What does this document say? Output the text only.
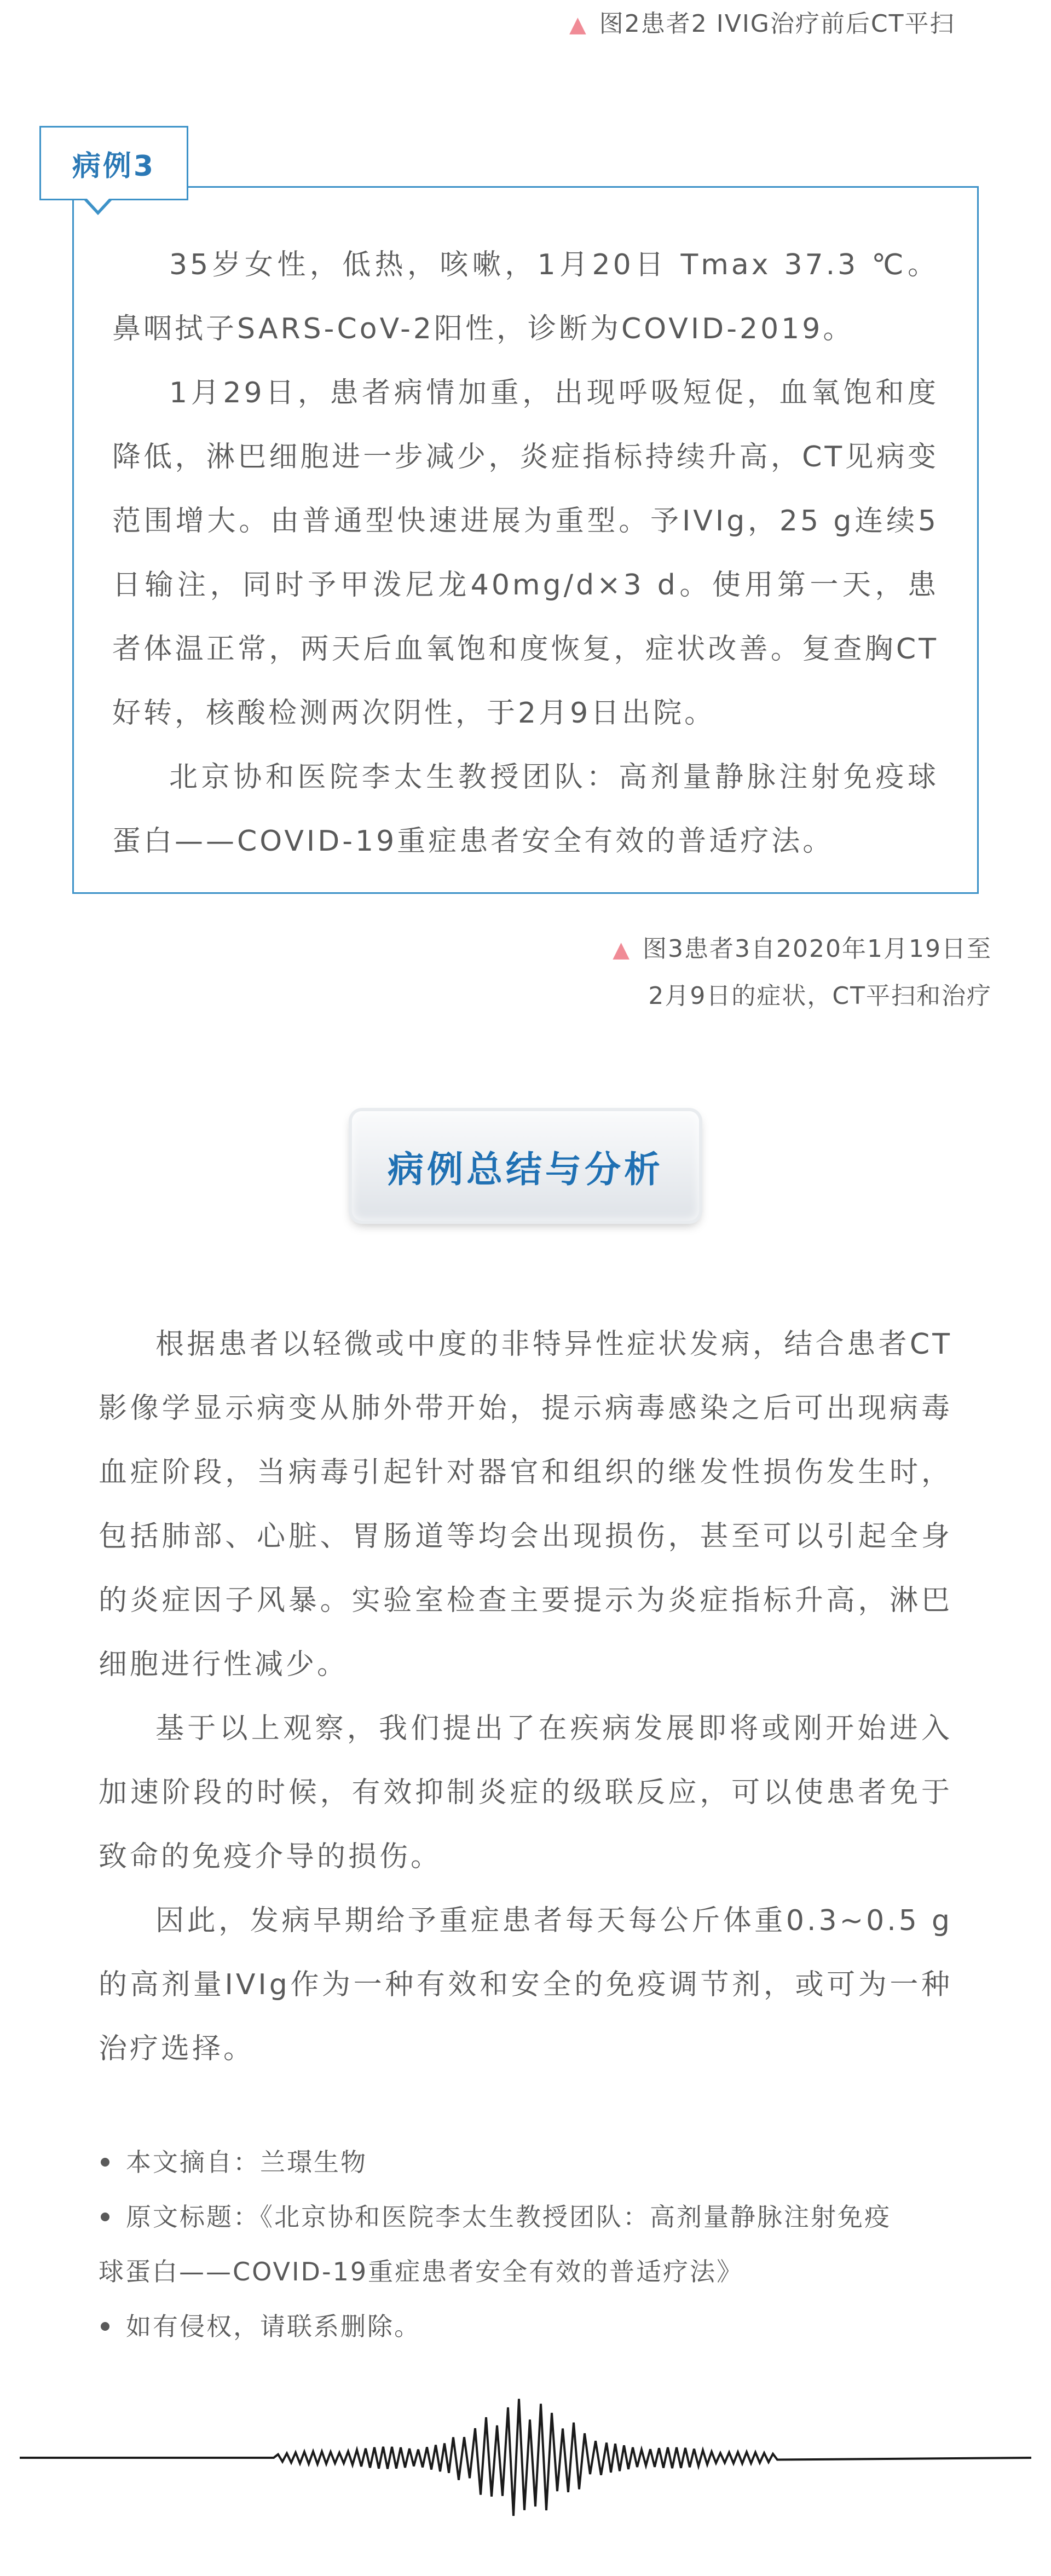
▲ 图2患者2 IVIG治疗前后CT平扫
病例3

35岁女性，低热，咳嗽，1月20日 Tmax 37.3 ℃。鼻咽拭子SARS-CoV-2阳性，诊断为COVID-2019。

1月29日，患者病情加重，出现呼吸短促，血氧饱和度降低，淋巴细胞进一步减少，炎症指标持续升高，CT见病变范围增大。由普通型快速进展为重型。予IVIg，25 g连续5日输注，同时予甲泼尼龙40mg/d×3 d。使用第一天，患者体温正常，两天后血氧饱和度恢复，症状改善。复查胸CT好转，核酸检测两次阴性，于2月9日出院。

北京协和医院李太生教授团队：高剂量静脉注射免疫球蛋白——COVID-19重症患者安全有效的普适疗法。

▲ 图3患者3自2020年1月19日至
2月9日的症状，CT平扫和治疗
病例总结与分析

根据患者以轻微或中度的非特异性症状发病，结合患者CT影像学显示病变从肺外带开始，提示病毒感染之后可出现病毒血症阶段，当病毒引起针对器官和组织的继发性损伤发生时，包括肺部、心脏、胃肠道等均会出现损伤，甚至可以引起全身的炎症因子风暴。实验室检查主要提示为炎症指标升高，淋巴细胞进行性减少。

基于以上观察，我们提出了在疾病发展即将或刚开始进入加速阶段的时候，有效抑制炎症的级联反应，可以使患者免于致命的免疫介导的损伤。

因此，发病早期给予重症患者每天每公斤体重0.3~0.5 g的高剂量IVIg作为一种有效和安全的免疫调节剂，或可为一种治疗选择。

本文摘自：兰璟生物
原文标题：《北京协和医院李太生教授团队：高剂量静脉注射免疫
球蛋白——COVID-19重症患者安全有效的普适疗法》
如有侵权，请联系删除。
